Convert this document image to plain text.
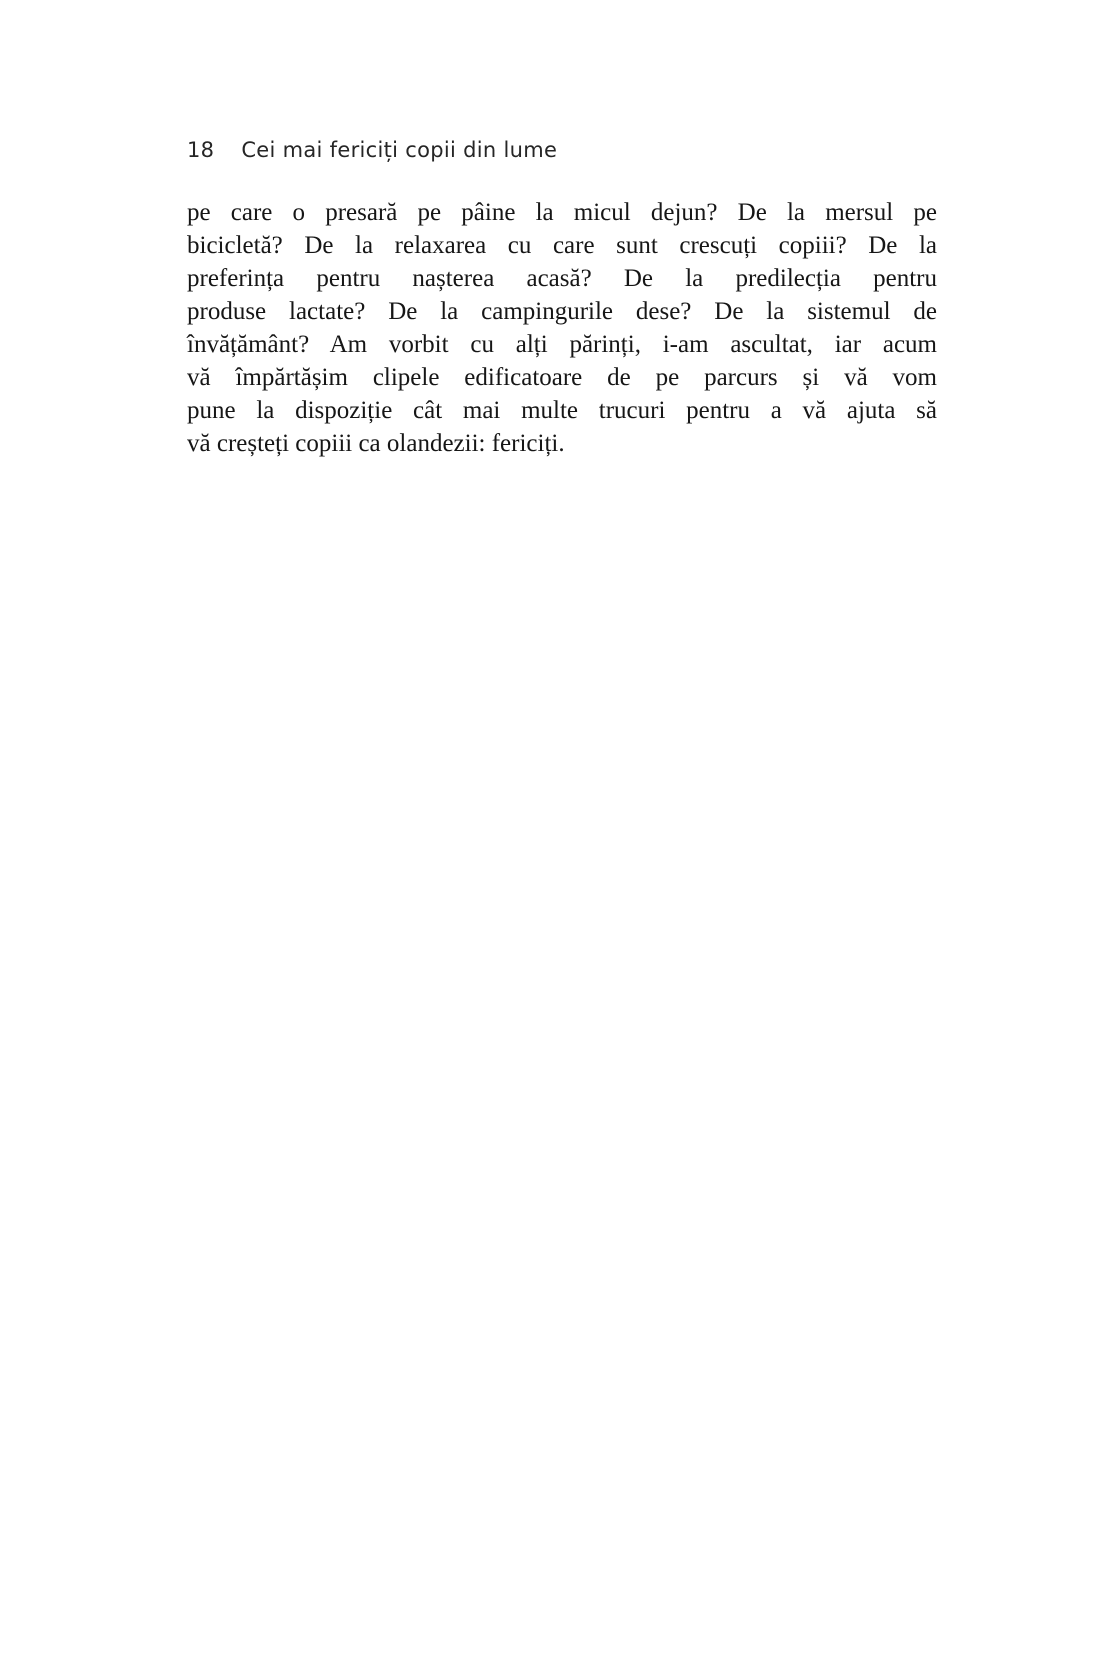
18 Cei mai fericiți copii din lume
pe care o presară pe pâine la micul dejun? De la mersul pe
bicicletă? De la relaxarea cu care sunt crescuți copiii? De la
preferința pentru nașterea acasă? De la predilecția pentru
produse lactate? De la campingurile dese? De la sistemul de
învățământ? Am vorbit cu alți părinți, i-am ascultat, iar acum
vă împărtășim clipele edificatoare de pe parcurs și vă vom
pune la dispoziție cât mai multe trucuri pentru a vă ajuta să
vă creșteți copiii ca olandezii: fericiți.
